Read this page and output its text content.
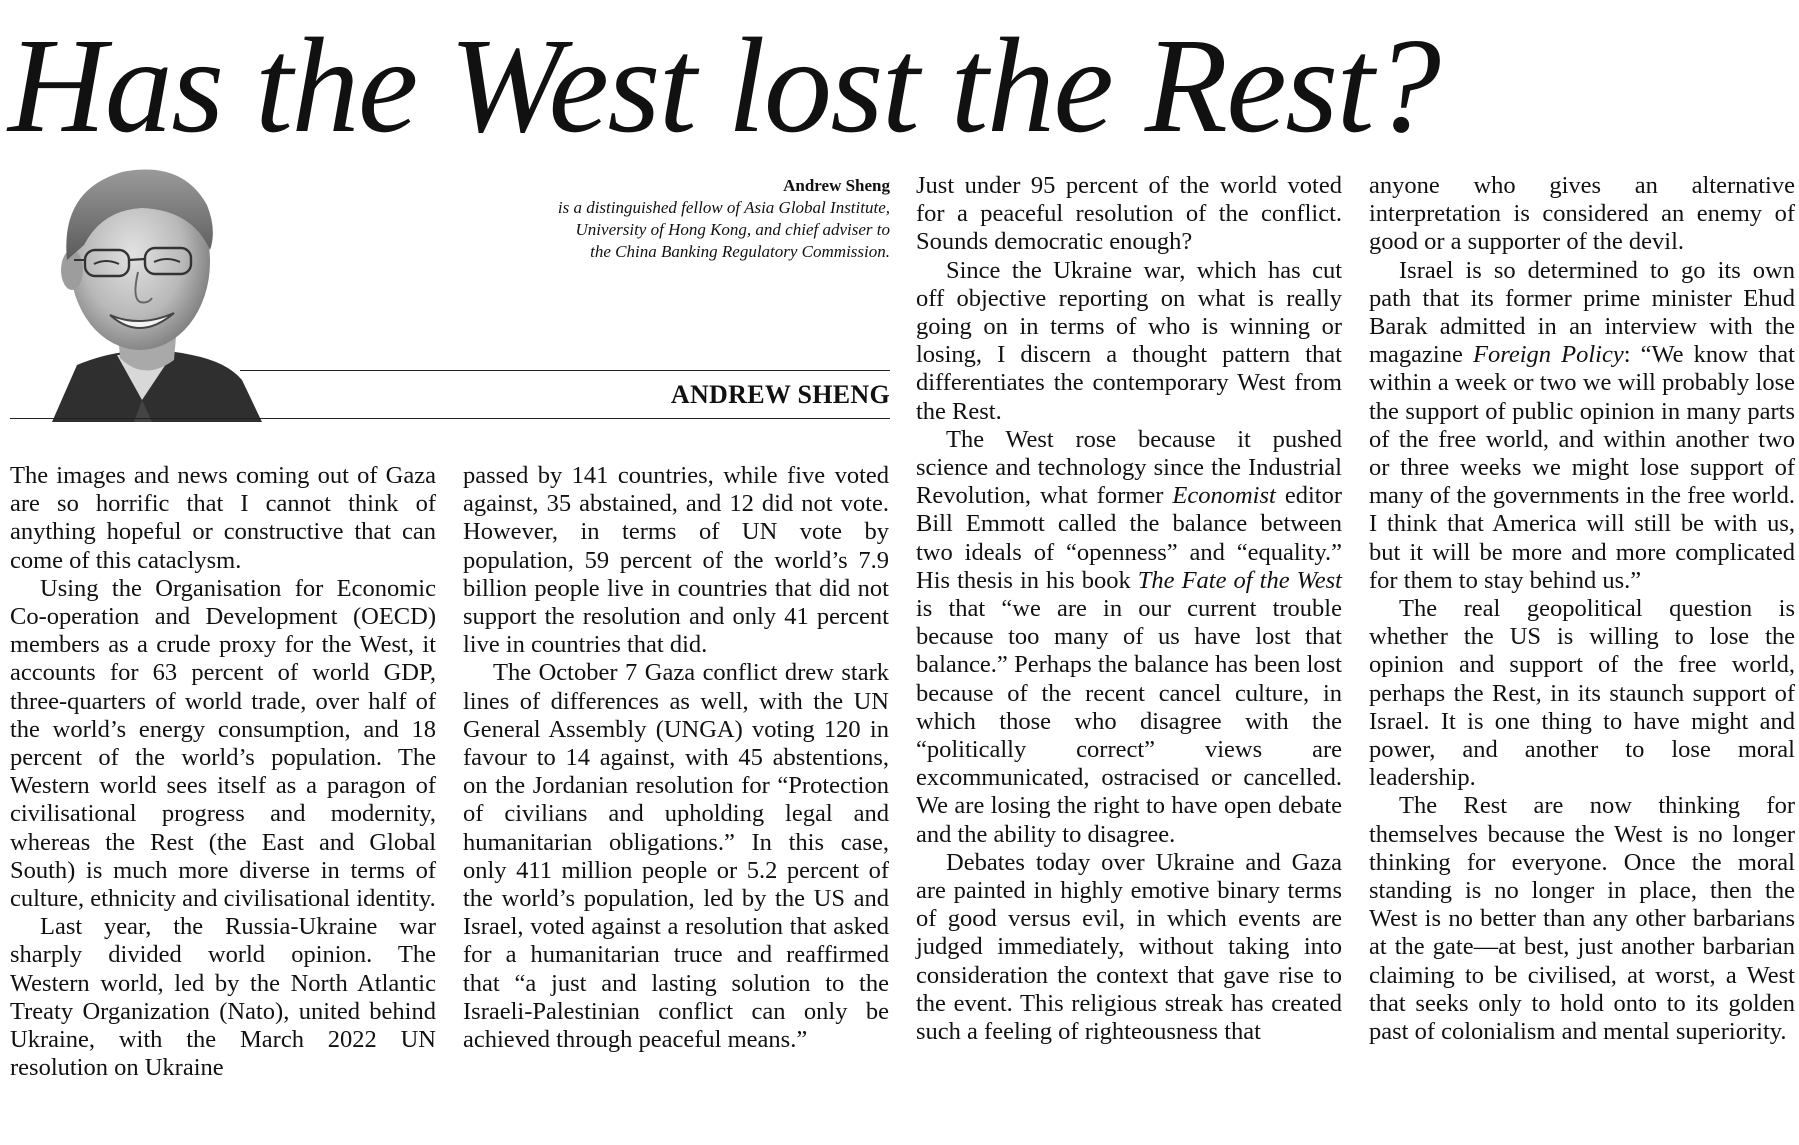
Has the West lost the Rest?
Andrew Sheng
is a distinguished fellow of Asia Global Institute,
University of Hong Kong, and chief adviser to
the China Banking Regulatory Commission.
ANDREW SHENG

The images and news coming out of Gaza are so horrific that I cannot think of anything hopeful or constructive that can come of this cataclysm.

Using the Organisation for Economic Co-operation and Development (OECD) members as a crude proxy for the West, it accounts for 63 percent of world GDP, three-quarters of world trade, over half of the world’s energy consumption, and 18 percent of the world’s population. The Western world sees itself as a paragon of civilisational progress and modernity, whereas the Rest (the East and Global South) is much more diverse in terms of culture, ethnicity and civilisational identity.

Last year, the Russia-Ukraine war sharply divided world opinion. The Western world, led by the North Atlantic Treaty Organization (Nato), united behind Ukraine, with the March 2022 UN resolution on Ukraine

passed by 141 countries, while five voted against, 35 abstained, and 12 did not vote. However, in terms of UN vote by population, 59 percent of the world’s 7.9 billion people live in countries that did not support the resolution and only 41 percent live in countries that did.

The October 7 Gaza conflict drew stark lines of differences as well, with the UN General Assembly (UNGA) voting 120 in favour to 14 against, with 45 abstentions, on the Jordanian resolution for “Protection of civilians and upholding legal and humanitarian obligations.” In this case, only 411 million people or 5.2 percent of the world’s population, led by the US and Israel, voted against a resolution that asked for a humanitarian truce and reaffirmed that “a just and lasting solution to the Israeli-Palestinian conflict can only be achieved through peaceful means.”

Just under 95 percent of the world voted for a peaceful resolution of the conflict. Sounds democratic enough?

Since the Ukraine war, which has cut off objective reporting on what is really going on in terms of who is winning or losing, I discern a thought pattern that differentiates the contemporary West from the Rest.

The West rose because it pushed science and technology since the Industrial Revolution, what former Economist editor Bill Emmott called the balance between two ideals of “openness” and “equality.” His thesis in his book The Fate of the West is that “we are in our current trouble because too many of us have lost that balance.” Perhaps the balance has been lost because of the recent cancel culture, in which those who disagree with the “politically correct” views are excommunicated, ostracised or cancelled. We are losing the right to have open debate and the ability to disagree.

Debates today over Ukraine and Gaza are painted in highly emotive binary terms of good versus evil, in which events are judged immediately, without taking into consideration the context that gave rise to the event. This religious streak has created such a feeling of righteousness that

anyone who gives an alternative interpretation is considered an enemy of good or a supporter of the devil.

Israel is so determined to go its own path that its former prime minister Ehud Barak admitted in an interview with the magazine Foreign Policy: “We know that within a week or two we will probably lose the support of public opinion in many parts of the free world, and within another two or three weeks we might lose support of many of the governments in the free world. I think that America will still be with us, but it will be more and more complicated for them to stay behind us.”

The real geopolitical question is whether the US is willing to lose the opinion and support of the free world, perhaps the Rest, in its staunch support of Israel. It is one thing to have might and power, and another to lose moral leadership.

The Rest are now thinking for themselves because the West is no longer thinking for everyone. Once the moral standing is no longer in place, then the West is no better than any other barbarians at the gate—at best, just another barbarian claiming to be civilised, at worst, a West that seeks only to hold onto to its golden past of colonialism and mental superiority.
